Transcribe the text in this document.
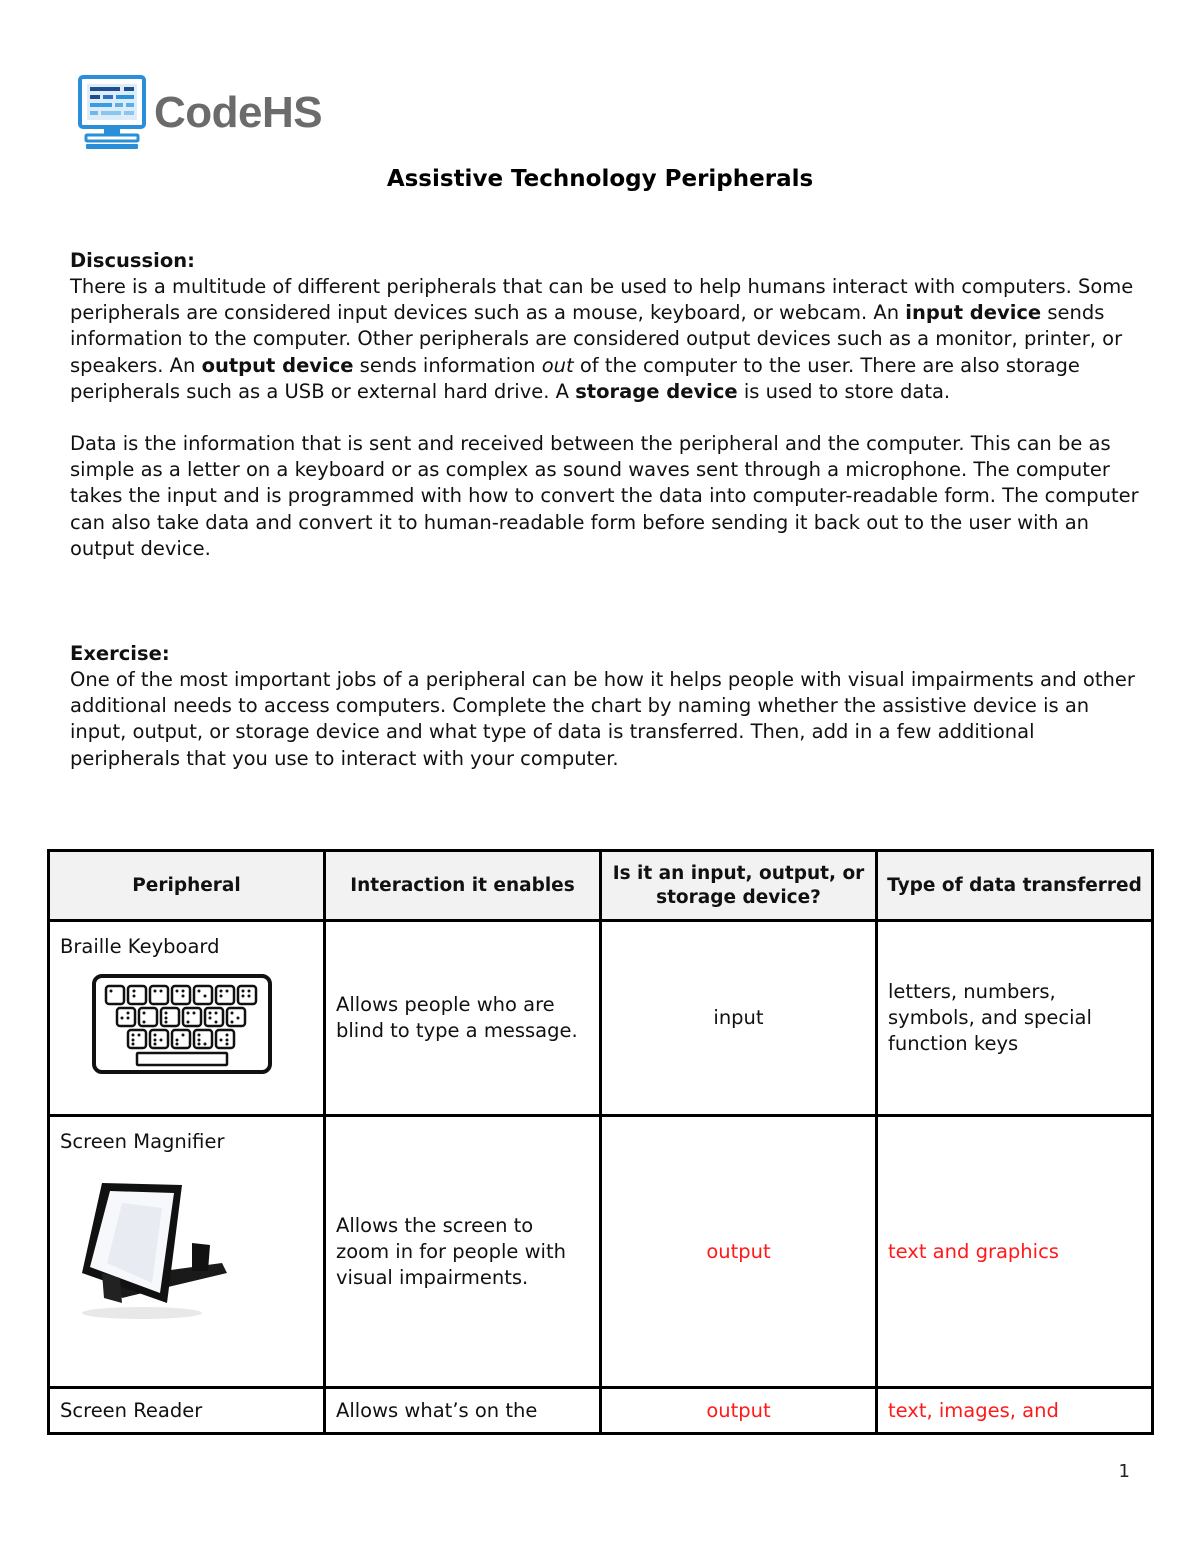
CodeHS
Assistive Technology Peripherals
Discussion:

There is a multitude of different peripherals that can be used to help humans interact with computers. Some peripherals are considered input devices such as a mouse, keyboard, or webcam. An input device sends information to the computer. Other peripherals are considered output devices such as a monitor, printer, or speakers. An output device sends information out of the computer to the user. There are also storage peripherals such as a USB or external hard drive. A storage device is used to store data.

Data is the information that is sent and received between the peripheral and the computer. This can be as simple as a letter on a keyboard or as complex as sound waves sent through a microphone. The computer takes the input and is programmed with how to convert the data into computer-readable form. The computer can also take data and convert it to human-readable form before sending it back out to the user with an output device.

Exercise:

One of the most important jobs of a peripheral can be how it helps people with visual impairments and other additional needs to access computers. Complete the chart by naming whether the assistive device is an input, output, or storage device and what type of data is transferred. Then, add in a few additional peripherals that you use to interact with your computer.

Peripheral	Interaction it enables	Is it an input, output, or storage device?	Type of data transferred

Braille Keyboard	Allows people who are blind to type a message.	input	letters, numbers, symbols, and special function keys

Screen Magnifier	Allows the screen to zoom in for people with visual impairments.	output	text and graphics
Screen Reader	Allows what’s on the	output	text, images, and
1
